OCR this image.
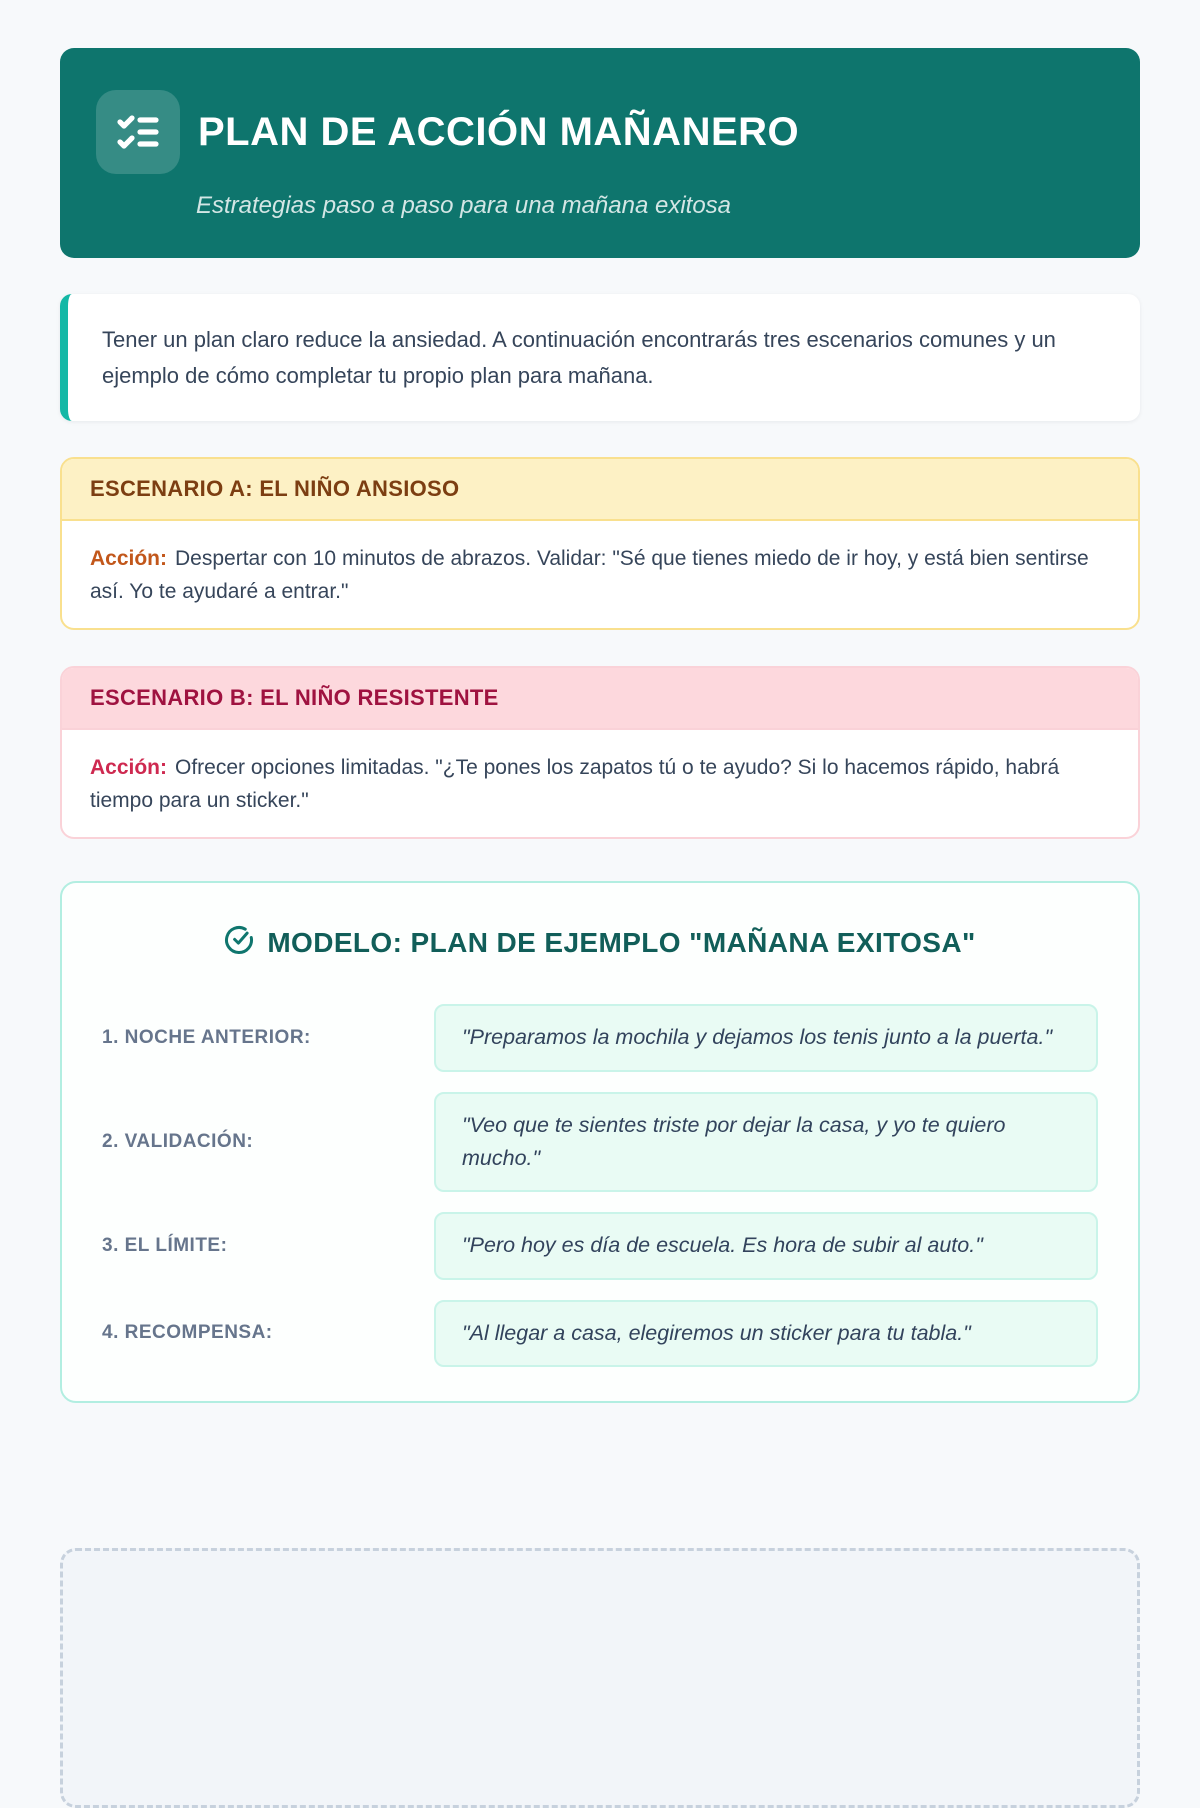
PLAN DE ACCIÓN MAÑANERO

Estrategias paso a paso para una mañana exitosa

Tener un plan claro reduce la ansiedad. A continuación encontrarás tres escenarios comunes y un ejemplo de cómo completar tu propio plan para mañana.

ESCENARIO A: EL NIÑO ANSIOSO
Acción: Despertar con 10 minutos de abrazos. Validar: "Sé que tienes miedo de ir hoy, y está bien sentirse así. Yo te ayudaré a entrar."
ESCENARIO B: EL NIÑO RESISTENTE
Acción: Ofrecer opciones limitadas. "¿Te pones los zapatos tú o te ayudo? Si lo hacemos rápido, habrá tiempo para un sticker."
MODELO: PLAN DE EJEMPLO "MAÑANA EXITOSA"
1. NOCHE ANTERIOR:	"Preparamos la mochila y dejamos los tenis junto a la puerta."
2. VALIDACIÓN:
"Veo que te sientes triste por dejar la casa, y yo te quiero mucho."
3. EL LÍMITE:	"Pero hoy es día de escuela. Es hora de subir al auto."
4. RECOMPENSA:	"Al llegar a casa, elegiremos un sticker para tu tabla."
